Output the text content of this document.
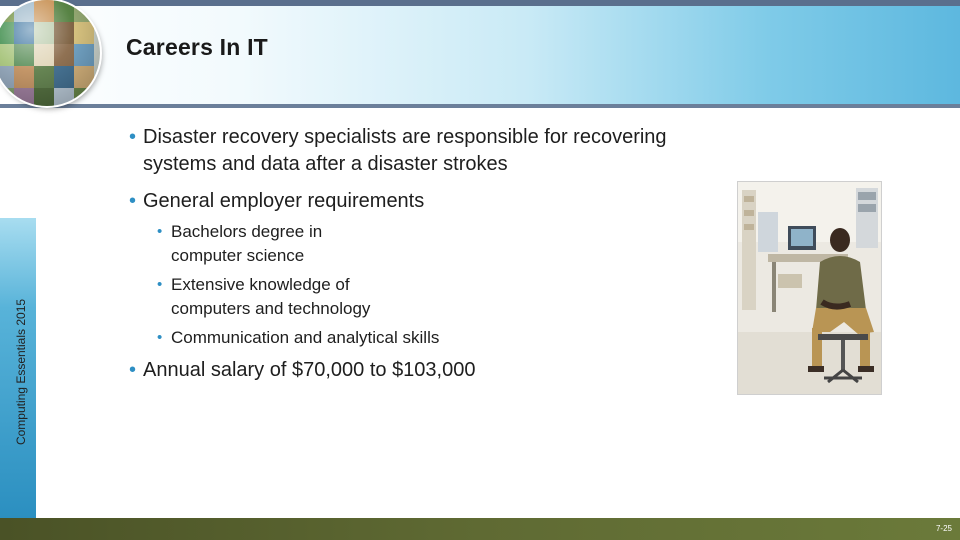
Careers In IT
Computing Essentials 2015
• Disaster recovery specialists are responsible for recovering
systems and data after a disaster strokes
• General employer requirements
• Bachelors degree in
computer science
• Extensive knowledge of
computers and technology
• Communication and analytical skills
• Annual salary of $70,000 to $103,000
7-25
